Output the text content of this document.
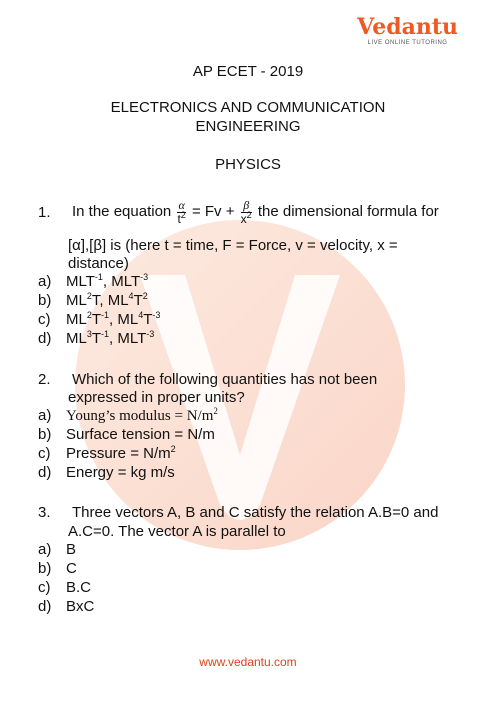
Vedantu
LIVE ONLINE TUTORING
AP ECET - 2019
ELECTRONICS AND COMMUNICATION
ENGINEERING
PHYSICS
1. In the equation $\frac{\alpha}{t^2} = Fv + \frac{\beta}{x^2}$ the dimensional formula for
[α],[β] is (here t = time, F = Force, v = velocity, x =
distance)
a) $MLT^{-1}$, $MLT^{-3}$
b) $ML^2T$, $ML^4T^2$
c) $ML^2T^{-1}$, $ML^4T^{-3}$
d) $ML^3T^{-1}$, $MLT^{-3}$
2. Which of the following quantities has not been
expressed in proper units?
a) Young’s modulus = $N/m^2$
b) Surface tension = N/m
c) Pressure = $N/m^2$
d) Energy = kg m/s
3. Three vectors A, B and C satisfy the relation A.B=0 and
A.C=0. The vector A is parallel to
a) B
b) C
c) B.C
d) BxC
www.vedantu.com
